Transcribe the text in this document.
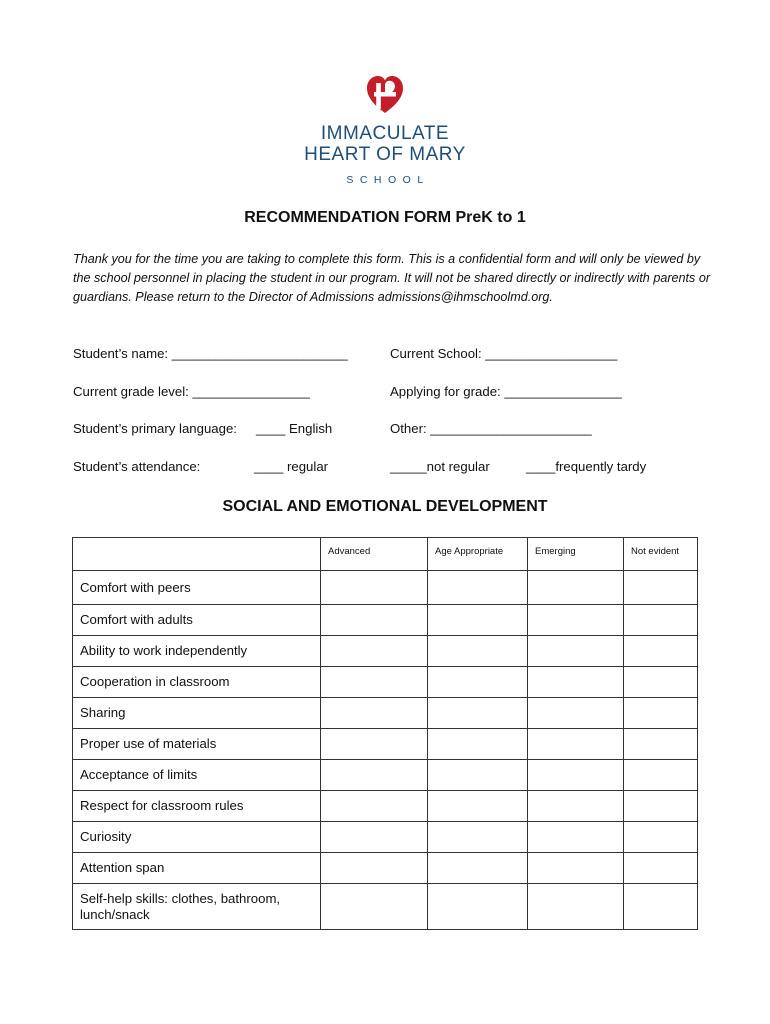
IMMACULATE
HEART OF MARY
SCHOOL
RECOMMENDATION FORM PreK to 1

Thank you for the time you are taking to complete this form. This is a confidential form and will only be viewed by the school personnel in placing the student in our program. It will not be shared directly or indirectly with parents or guardians. Please return to the Director of Admissions admissions@ihmschoolmd.org.

Student’s name: ________________________	Current School: __________________
Current grade level: ________________	Applying for grade: ________________
Student’s primary language: ____ English	Other: ______________________
Student’s attendance:	____ regular	_____not regular	____frequently tardy
SOCIAL AND EMOTIONAL DEVELOPMENT
	Advanced	Age Appropriate	Emerging	Not evident
Comfort with peers				
Comfort with adults				
Ability to work independently				
Cooperation in classroom				
Sharing				
Proper use of materials				
Acceptance of limits				
Respect for classroom rules				
Curiosity				
Attention span				
Self-help skills: clothes, bathroom, lunch/snack				
